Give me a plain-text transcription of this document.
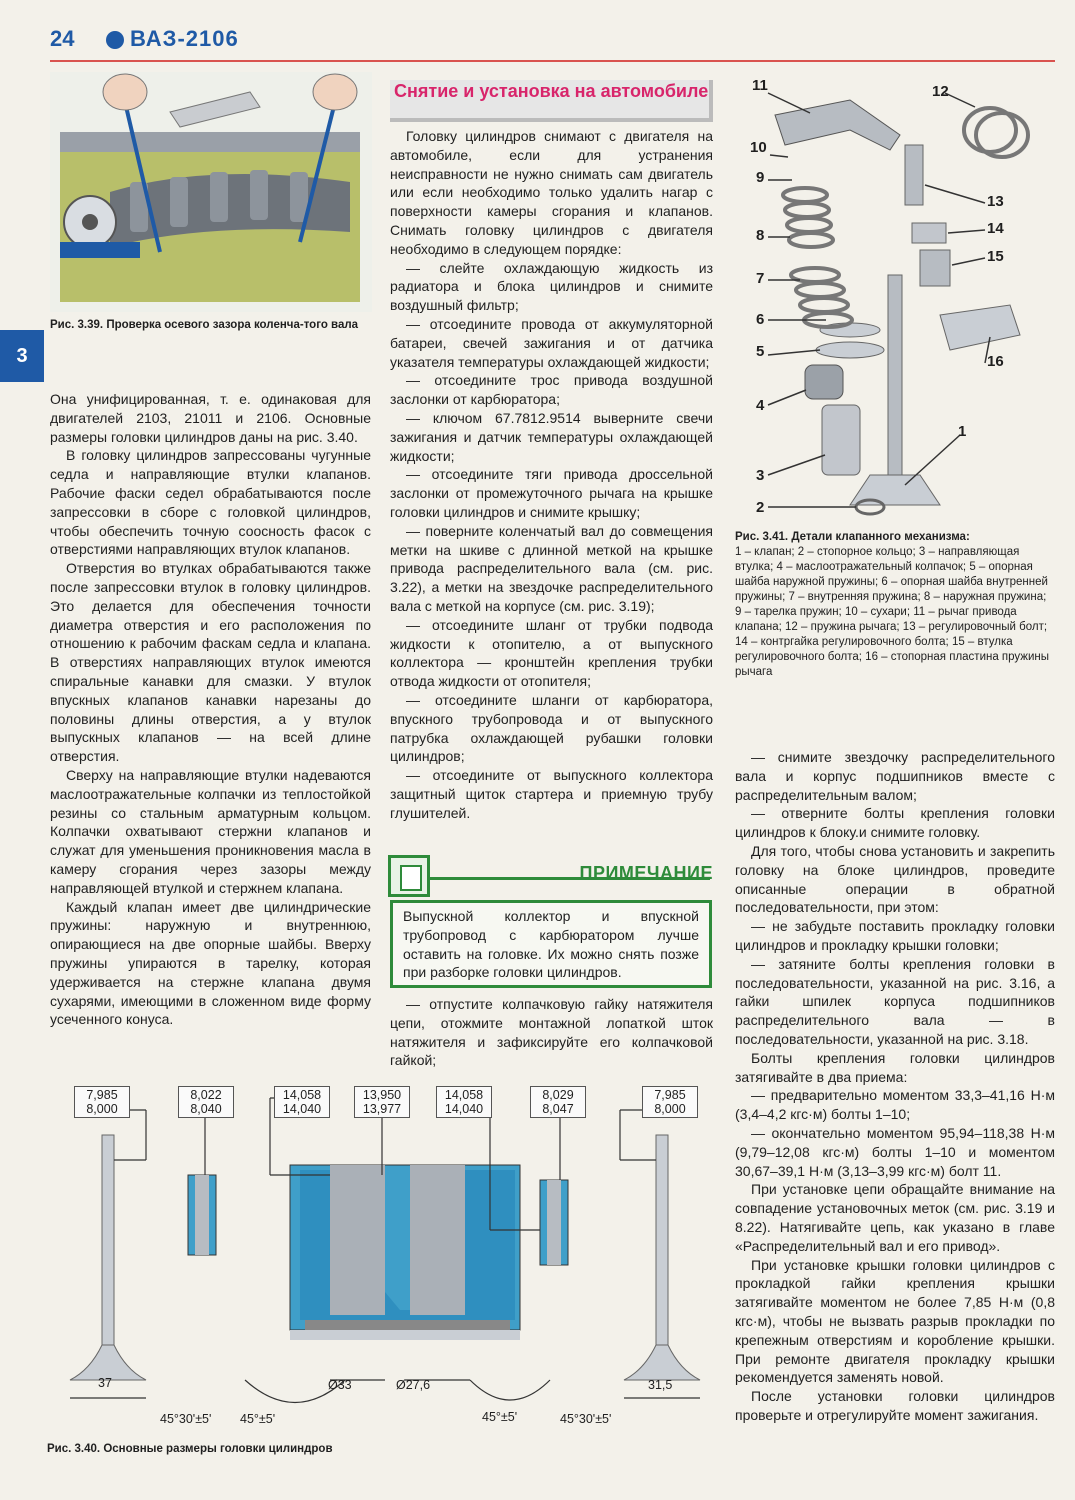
24	ВАЗ-2106
3
Рис. 3.39. Проверка осевого зазора коленча-того вала

Она унифицированная, т. е. одинаковая для двигателей 2103, 21011 и 2106. Основные размеры головки цилиндров даны на рис. 3.40.

В головку цилиндров запрессованы чугунные седла и направляющие втулки клапанов. Рабочие фаски седел обрабатываются после запрессовки в сборе с головкой цилиндров, чтобы обеспечить точную соосность фасок с отверстиями направляющих втулок клапанов.

Отверстия во втулках обрабатываются также после запрессовки втулок в головку цилиндров. Это делается для обеспечения точности диаметра отверстия и его расположения по отношению к рабочим фаскам седла и клапана. В отверстиях направляющих втулок имеются спиральные канавки для смазки. У втулок впускных клапанов канавки нарезаны до половины длины отверстия, а у втулок выпускных клапанов — на всей длине отверстия.

Сверху на направляющие втулки надеваются маслоотражательные колпачки из теплостойкой резины со стальным арматурным кольцом. Колпачки охватывают стержни клапанов и служат для уменьшения проникновения масла в камеру сгорания через зазоры между направляющей втулкой и стержнем клапана.

Каждый клапан имеет две цилиндрические пружины: наружную и внутреннюю, опирающиеся на две опорные шайбы. Вверху пружины упираются в тарелку, которая удерживается на стержне клапана двумя сухарями, имеющими в сложенном виде форму усеченного конуса.

Снятие и установка на автомобиле

Головку цилиндров снимают с двигателя на автомобиле, если для устранения неисправности не нужно снимать сам двигатель или если необходимо только удалить нагар с поверхности камеры сгорания и клапанов. Снимать головку цилиндров с двигателя необходимо в следующем порядке:

— слейте охлаждающую жидкость из радиатора и блока цилиндров и снимите воздушный фильтр;

— отсоедините провода от аккумуляторной батареи, свечей зажигания и от датчика указателя температуры охлаждающей жидкости;

— отсоедините трос привода воздушной заслонки от карбюратора;

— ключом 67.7812.9514 выверните свечи зажигания и датчик температуры охлаждающей жидкости;

— отсоедините тяги привода дроссельной заслонки от промежуточного рычага на крышке головки цилиндров и снимите крышку;

— поверните коленчатый вал до совмещения метки на шкиве с длинной меткой на крышке привода распределительного вала (см. рис. 3.22), а метки на звездочке распределительного вала с меткой на корпусе (см. рис. 3.19);

— отсоедините шланг от трубки подвода жидкости к отопителю, а от выпускного коллектора — кронштейн крепления трубки отвода жидкости от отопителя;

— отсоедините шланги от карбюратора, впускного трубопровода и от выпускного патрубка охлаждающей рубашки головки цилиндров;

— отсоедините от выпускного коллектора защитный щиток стартера и приемную трубу глушителей.

ПРИМЕЧАНИЕ
Выпускной коллектор и впускной трубопровод с карбюратором лучше оставить на головке. Их можно снять позже при разборке головки цилиндров.

— отпустите колпачковую гайку натяжителя цепи, отожмите монтажной лопаткой шток натяжителя и зафиксируйте его колпачковой гайкой;

11
10
9
8
7
6
5
4
3
2
1
12
13
14
15
16
Рис. 3.41. Детали клапанного механизма:
1 – клапан; 2 – стопорное кольцо; 3 – направляющая втулка; 4 – маслоотражательный колпачок; 5 – опорная шайба наружной пружины; 6 – опорная шайба внутренней пружины; 7 – внутренняя пружина; 8 – наружная пружина; 9 – тарелка пружин; 10 – сухари; 11 – рычаг привода клапана; 12 – пружина рычага; 13 – регулировочный болт; 14 – контргайка регулировочного болта; 15 – втулка регулировочного болта; 16 – стопорная пластина пружины рычага

— снимите звездочку распределительного вала и корпус подшипников вместе с распределительным валом;

— отверните болты крепления головки цилиндров к блоку.и снимите головку.

Для того, чтобы снова установить и закрепить головку на блоке цилиндров, проведите описанные операции в обратной последовательности, при этом:

— не забудьте поставить прокладку головки цилиндров и прокладку крышки головки;

— затяните болты крепления головки в последовательности, указанной на рис. 3.16, а гайки шпилек корпуса подшипников распределительного вала — в последовательности, указанной на рис. 3.18.

Болты крепления головки цилиндров затягивайте в два приема:

— предварительно моментом 33,3–41,16 Н·м (3,4–4,2 кгс·м) болты 1–10;

— окончательно моментом 95,94–118,38 Н·м (9,79–12,08 кгс·м) болты 1–10 и моментом 30,67–39,1 Н·м (3,13–3,99 кгс·м) болт 11.

При установке цепи обращайте внимание на совпадение установочных меток (см. рис. 3.19 и 8.22). Натягивайте цепь, как указано в главе «Распределительный вал и его привод».

При установке крышки головки цилиндров с прокладкой гайки крепления крышки затягивайте моментом не более 7,85 Н·м (0,8 кгс·м), чтобы не вызвать разрыв прокладки по крепежным отверстиям и коробление крышки. При ремонте двигателя прокладку крышки рекомендуется заменять новой.

После установки головки цилиндров проверьте и отрегулируйте момент зажигания.

7,985
8,000
8,022
8,040
14,058
14,040
13,950
13,977
14,058
14,040
8,029
8,047
7,985
8,000
37	Ø33	Ø27,6	31,5
45°30'±5' 45°±5'	45°±5'	45°30'±5'
Рис. 3.40. Основные размеры головки цилиндров
